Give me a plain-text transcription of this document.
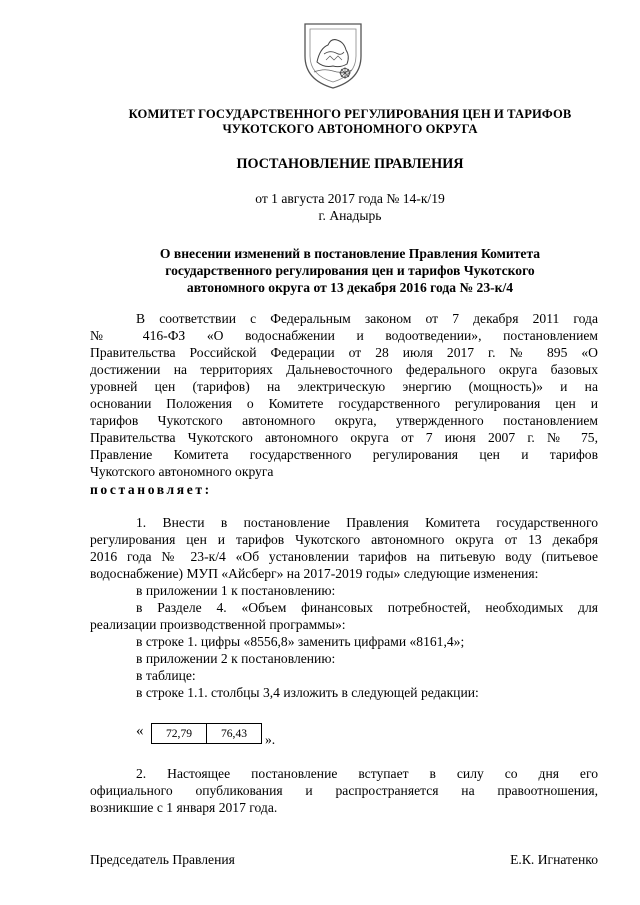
КОМИТЕТ ГОСУДАРСТВЕННОГО РЕГУЛИРОВАНИЯ ЦЕН И ТАРИФОВ
ЧУКОТСКОГО АВТОНОМНОГО ОКРУГА
ПОСТАНОВЛЕНИЕ ПРАВЛЕНИЯ
от 1 августа 2017 года № 14-к/19
г. Анадырь
О внесении изменений в постановление Правления Комитета
государственного регулирования цен и тарифов Чукотского
автономного округа от 13 декабря 2016 года № 23-к/4
В соответствии с Федеральным законом от 7 декабря 2011 года
№ 416-ФЗ «О водоснабжении и водоотведении», постановлением
Правительства Российской Федерации от 28 июля 2017 г. № 895 «О
достижении на территориях Дальневосточного федерального округа базовых
уровней цен (тарифов) на электрическую энергию (мощность)» и на
основании Положения о Комитете государственного регулирования цен и
тарифов Чукотского автономного округа, утвержденного постановлением
Правительства Чукотского автономного округа от 7 июня 2007 г. № 75,
Правление Комитета государственного регулирования цен и тарифов
Чукотского автономного округа
постановляет:
1. Внести в постановление Правления Комитета государственного
регулирования цен и тарифов Чукотского автономного округа от 13 декабря
2016 года № 23-к/4 «Об установлении тарифов на питьевую воду (питьевое
водоснабжение) МУП «Айсберг» на 2017-2019 годы» следующие изменения:
в приложении 1 к постановлению:
в Разделе 4. «Объем финансовых потребностей, необходимых для
реализации производственной программы»:
в строке 1. цифры «8556,8» заменить цифрами «8161,4»;
в приложении 2 к постановлению:
в таблице:
в строке 1.1. столбцы 3,4 изложить в следующей редакции:
« 72,79	76,43 ».
2. Настоящее постановление вступает в силу со дня его
официального опубликования и распространяется на правоотношения,
возникшие с 1 января 2017 года.
Председатель Правления	Е.К. Игнатенко
